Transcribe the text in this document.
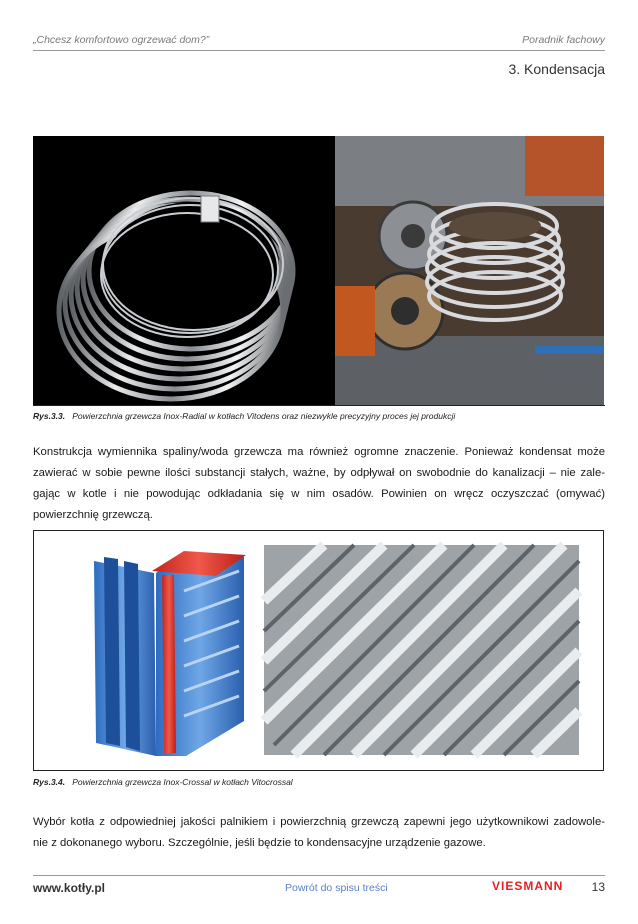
„Chcesz komfortowo ogrzewać dom?”	Poradnik fachowy
3. Kondensacja
Rys.3.3. Powierzchnia grzewcza Inox-Radial w kotłach Vitodens oraz niezwykle precyzyjny proces jej produkcji
Konstrukcja wymiennika spaliny/woda grzewcza ma również ogromne znaczenie. Ponieważ kondensat może
zawierać w sobie pewne ilości substancji stałych, ważne, by odpływał on swobodnie do kanalizacji – nie zale-
gając w kotle i nie powodując odkładania się w nim osadów. Powinien on wręcz oczyszczać (omywać)
powierzchnię grzewczą.
Rys.3.4. Powierzchnia grzewcza Inox-Crossal w kotłach Vitocrossal
Wybór kotła z odpowiedniej jakości palnikiem i powierzchnią grzewczą zapewni jego użytkownikowi zadowole-
nie z dokonanego wyboru. Szczególnie, jeśli będzie to kondensacyjne urządzenie gazowe.
www.kotły.pl	Powrót do spisu treści	VIESMANN 13
